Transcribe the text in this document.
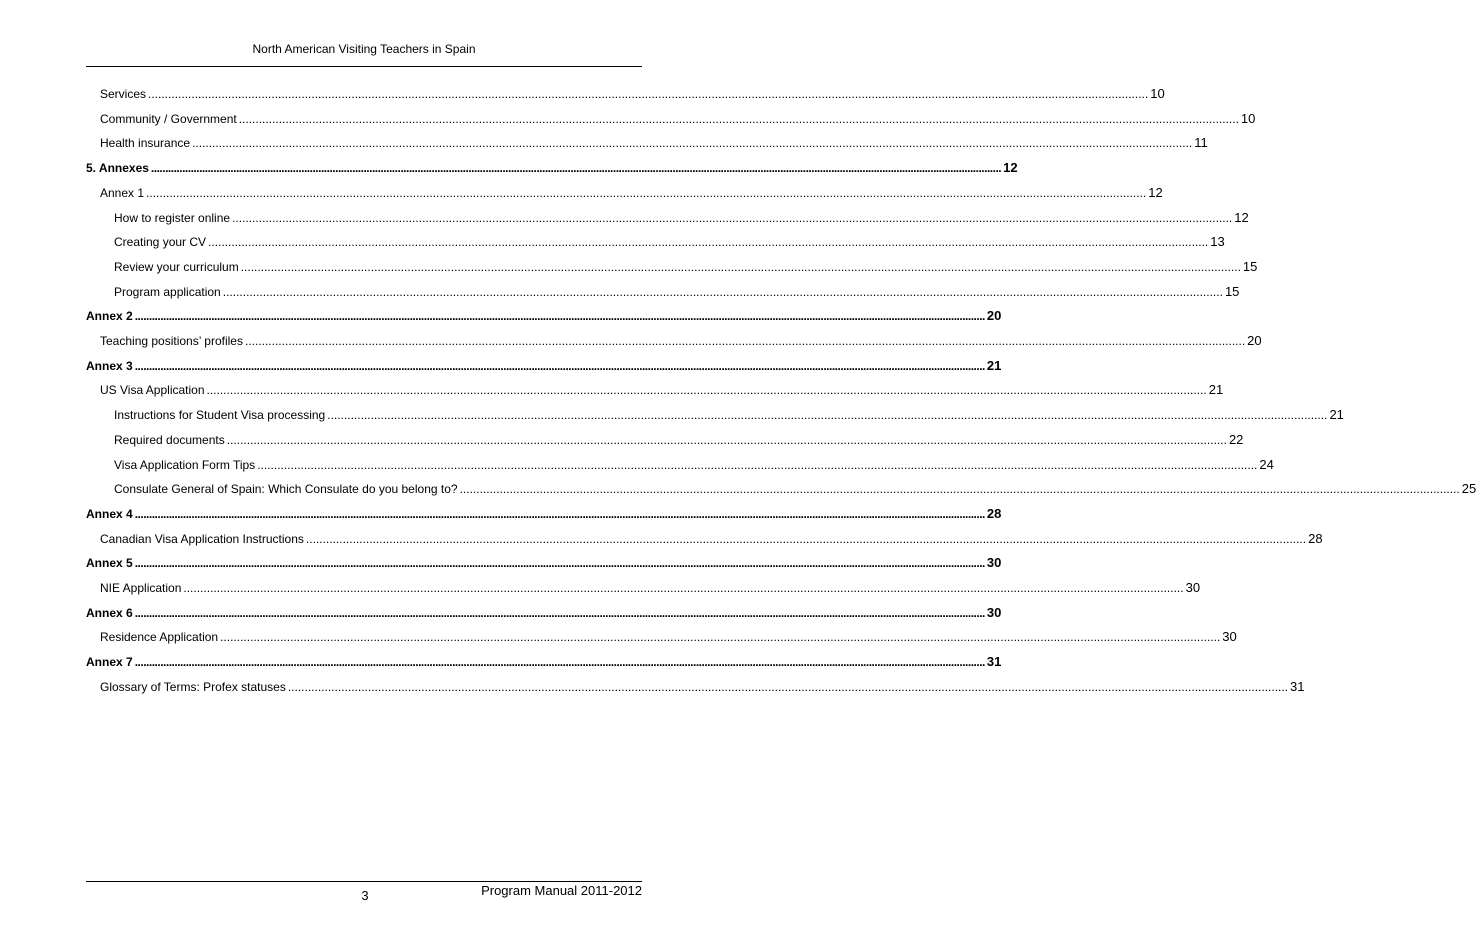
North American Visiting Teachers in Spain
Services ............................................................................................................................................................................................................................................................................................................ 10
Community / Government ............................................................................................................................................................................................................................................................................................................ 10
Health insurance ............................................................................................................................................................................................................................................................................................................ 11
5. Annexes ............................................................................................................................................................................................................................................................................................................ 12
Annex 1 ............................................................................................................................................................................................................................................................................................................ 12
How to register online ............................................................................................................................................................................................................................................................................................................ 12
Creating your CV ............................................................................................................................................................................................................................................................................................................ 13
Review your curriculum ............................................................................................................................................................................................................................................................................................................ 15
Program application ............................................................................................................................................................................................................................................................................................................ 15
Annex 2 ............................................................................................................................................................................................................................................................................................................ 20
Teaching positions’ profiles ............................................................................................................................................................................................................................................................................................................ 20
Annex 3 ............................................................................................................................................................................................................................................................................................................ 21
US Visa Application ............................................................................................................................................................................................................................................................................................................ 21
Instructions for Student Visa processing ............................................................................................................................................................................................................................................................................................................ 21
Required documents ............................................................................................................................................................................................................................................................................................................ 22
Visa Application Form Tips ............................................................................................................................................................................................................................................................................................................ 24
Consulate General of Spain: Which Consulate do you belong to? ............................................................................................................................................................................................................................................................................................................ 25
Annex 4 ............................................................................................................................................................................................................................................................................................................ 28
Canadian Visa Application Instructions ............................................................................................................................................................................................................................................................................................................ 28
Annex 5 ............................................................................................................................................................................................................................................................................................................ 30
NIE Application ............................................................................................................................................................................................................................................................................................................ 30
Annex 6 ............................................................................................................................................................................................................................................................................................................ 30
Residence Application ............................................................................................................................................................................................................................................................................................................ 30
Annex 7 ............................................................................................................................................................................................................................................................................................................ 31
Glossary of Terms: Profex statuses ............................................................................................................................................................................................................................................................................................................ 31
3	Program Manual 2011-2012
